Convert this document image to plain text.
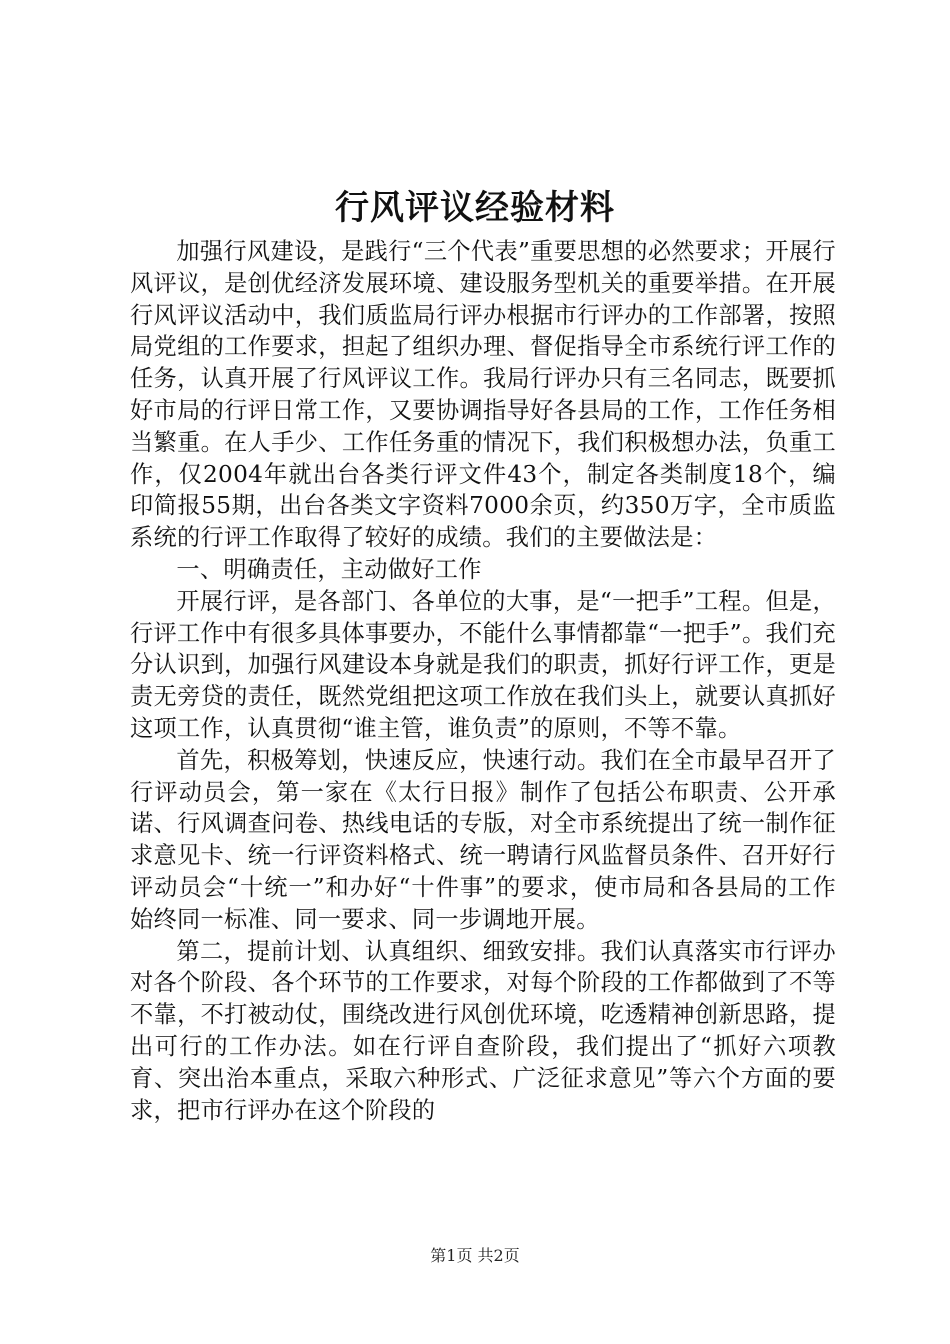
行风评议经验材料

加强行风建设，是践行“三个代表”重要思想的必然要求；开展行风评议，是创优经济发展环境、建设服务型机关的重要举措。在开展行风评议活动中，我们质监局行评办根据市行评办的工作部署，按照局党组的工作要求，担起了组织办理、督促指导全市系统行评工作的任务，认真开展了行风评议工作。我局行评办只有三名同志，既要抓好市局的行评日常工作，又要协调指导好各县局的工作，工作任务相当繁重。在人手少、工作任务重的情况下，我们积极想办法，负重工作，仅2004年就出台各类行评文件43个，制定各类制度18个，编印简报55期，出台各类文字资料7000余页，约350万字，全市质监系统的行评工作取得了较好的成绩。我们的主要做法是：

一、明确责任，主动做好工作

开展行评，是各部门、各单位的大事，是“一把手”工程。但是，行评工作中有很多具体事要办，不能什么事情都靠“一把手”。我们充分认识到，加强行风建设本身就是我们的职责，抓好行评工作，更是责无旁贷的责任，既然党组把这项工作放在我们头上，就要认真抓好这项工作，认真贯彻“谁主管，谁负责”的原则，不等不靠。

首先，积极筹划，快速反应，快速行动。我们在全市最早召开了行评动员会，第一家在《太行日报》制作了包括公布职责、公开承诺、行风调查问卷、热线电话的专版，对全市系统提出了统一制作征求意见卡、统一行评资料格式、统一聘请行风监督员条件、召开好行评动员会“十统一”和办好“十件事”的要求，使市局和各县局的工作始终同一标准、同一要求、同一步调地开展。

第二，提前计划、认真组织、细致安排。我们认真落实市行评办对各个阶段、各个环节的工作要求，对每个阶段的工作都做到了不等不靠，不打被动仗，围绕改进行风创优环境，吃透精神创新思路，提出可行的工作办法。如在行评自查阶段，我们提出了“抓好六项教育、突出治本重点，采取六种形式、广泛征求意见”等六个方面的要求，把市行评办在这个阶段的

第1页 共2页
